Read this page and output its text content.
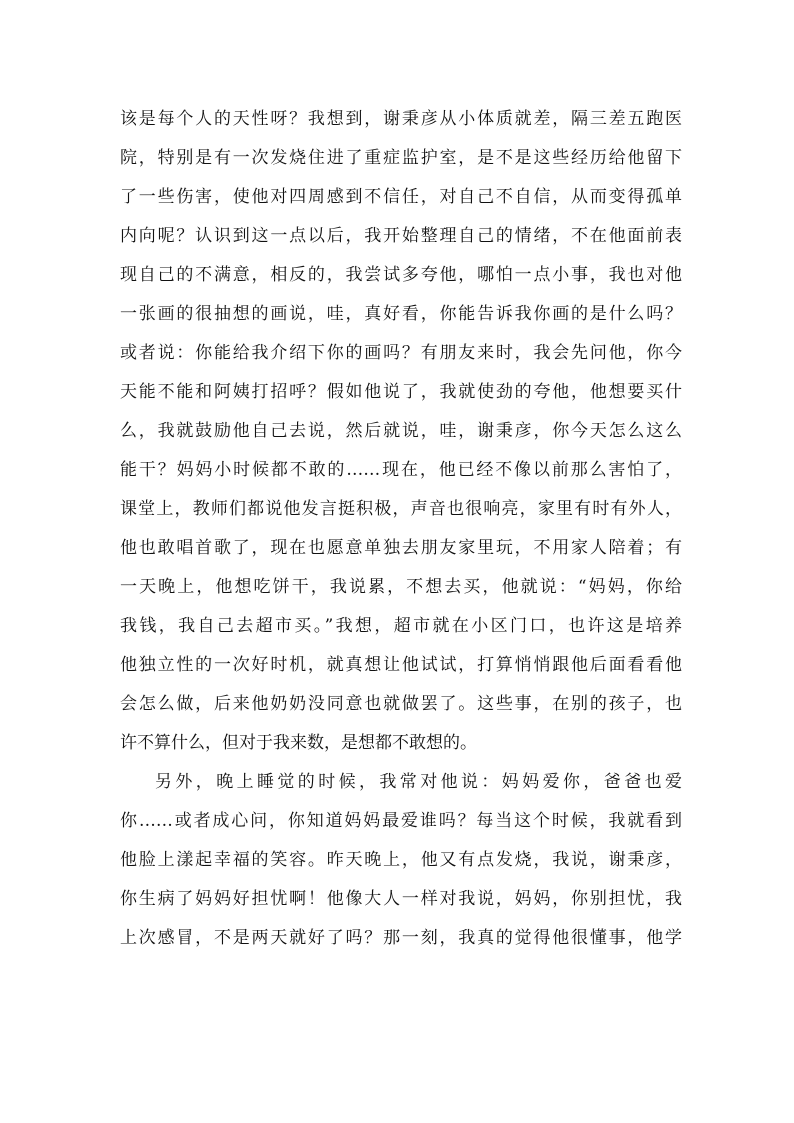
该是每个人的天性呀？我想到，谢秉彦从小体质就差，隔三差五跑医
院，特别是有一次发烧住进了重症监护室，是不是这些经历给他留下
了一些伤害，使他对四周感到不信任，对自己不自信，从而变得孤单
内向呢？认识到这一点以后，我开始整理自己的情绪，不在他面前表
现自己的不满意，相反的，我尝试多夸他，哪怕一点小事，我也对他
一张画的很抽想的画说，哇，真好看，你能告诉我你画的是什么吗？
或者说：你能给我介绍下你的画吗？有朋友来时，我会先问他，你今
天能不能和阿姨打招呼？假如他说了，我就使劲的夸他，他想要买什
么，我就鼓励他自己去说，然后就说，哇，谢秉彦，你今天怎么这么
能干？妈妈小时候都不敢的……现在，他已经不像以前那么害怕了，
课堂上，教师们都说他发言挺积极，声音也很响亮，家里有时有外人，
他也敢唱首歌了，现在也愿意单独去朋友家里玩，不用家人陪着；有
一天晚上，他想吃饼干，我说累，不想去买，他就说：“妈妈，你给
我钱，我自己去超市买。”我想，超市就在小区门口，也许这是培养
他独立性的一次好时机，就真想让他试试，打算悄悄跟他后面看看他
会怎么做，后来他奶奶没同意也就做罢了。这些事，在别的孩子，也
许不算什么，但对于我来数，是想都不敢想的。
另外，晚上睡觉的时候，我常对他说：妈妈爱你，爸爸也爱
你……或者成心问，你知道妈妈最爱谁吗？每当这个时候，我就看到
他脸上漾起幸福的笑容。昨天晚上，他又有点发烧，我说，谢秉彦，
你生病了妈妈好担忧啊！他像大人一样对我说，妈妈，你别担忧，我
上次感冒，不是两天就好了吗？那一刻，我真的觉得他很懂事，他学
